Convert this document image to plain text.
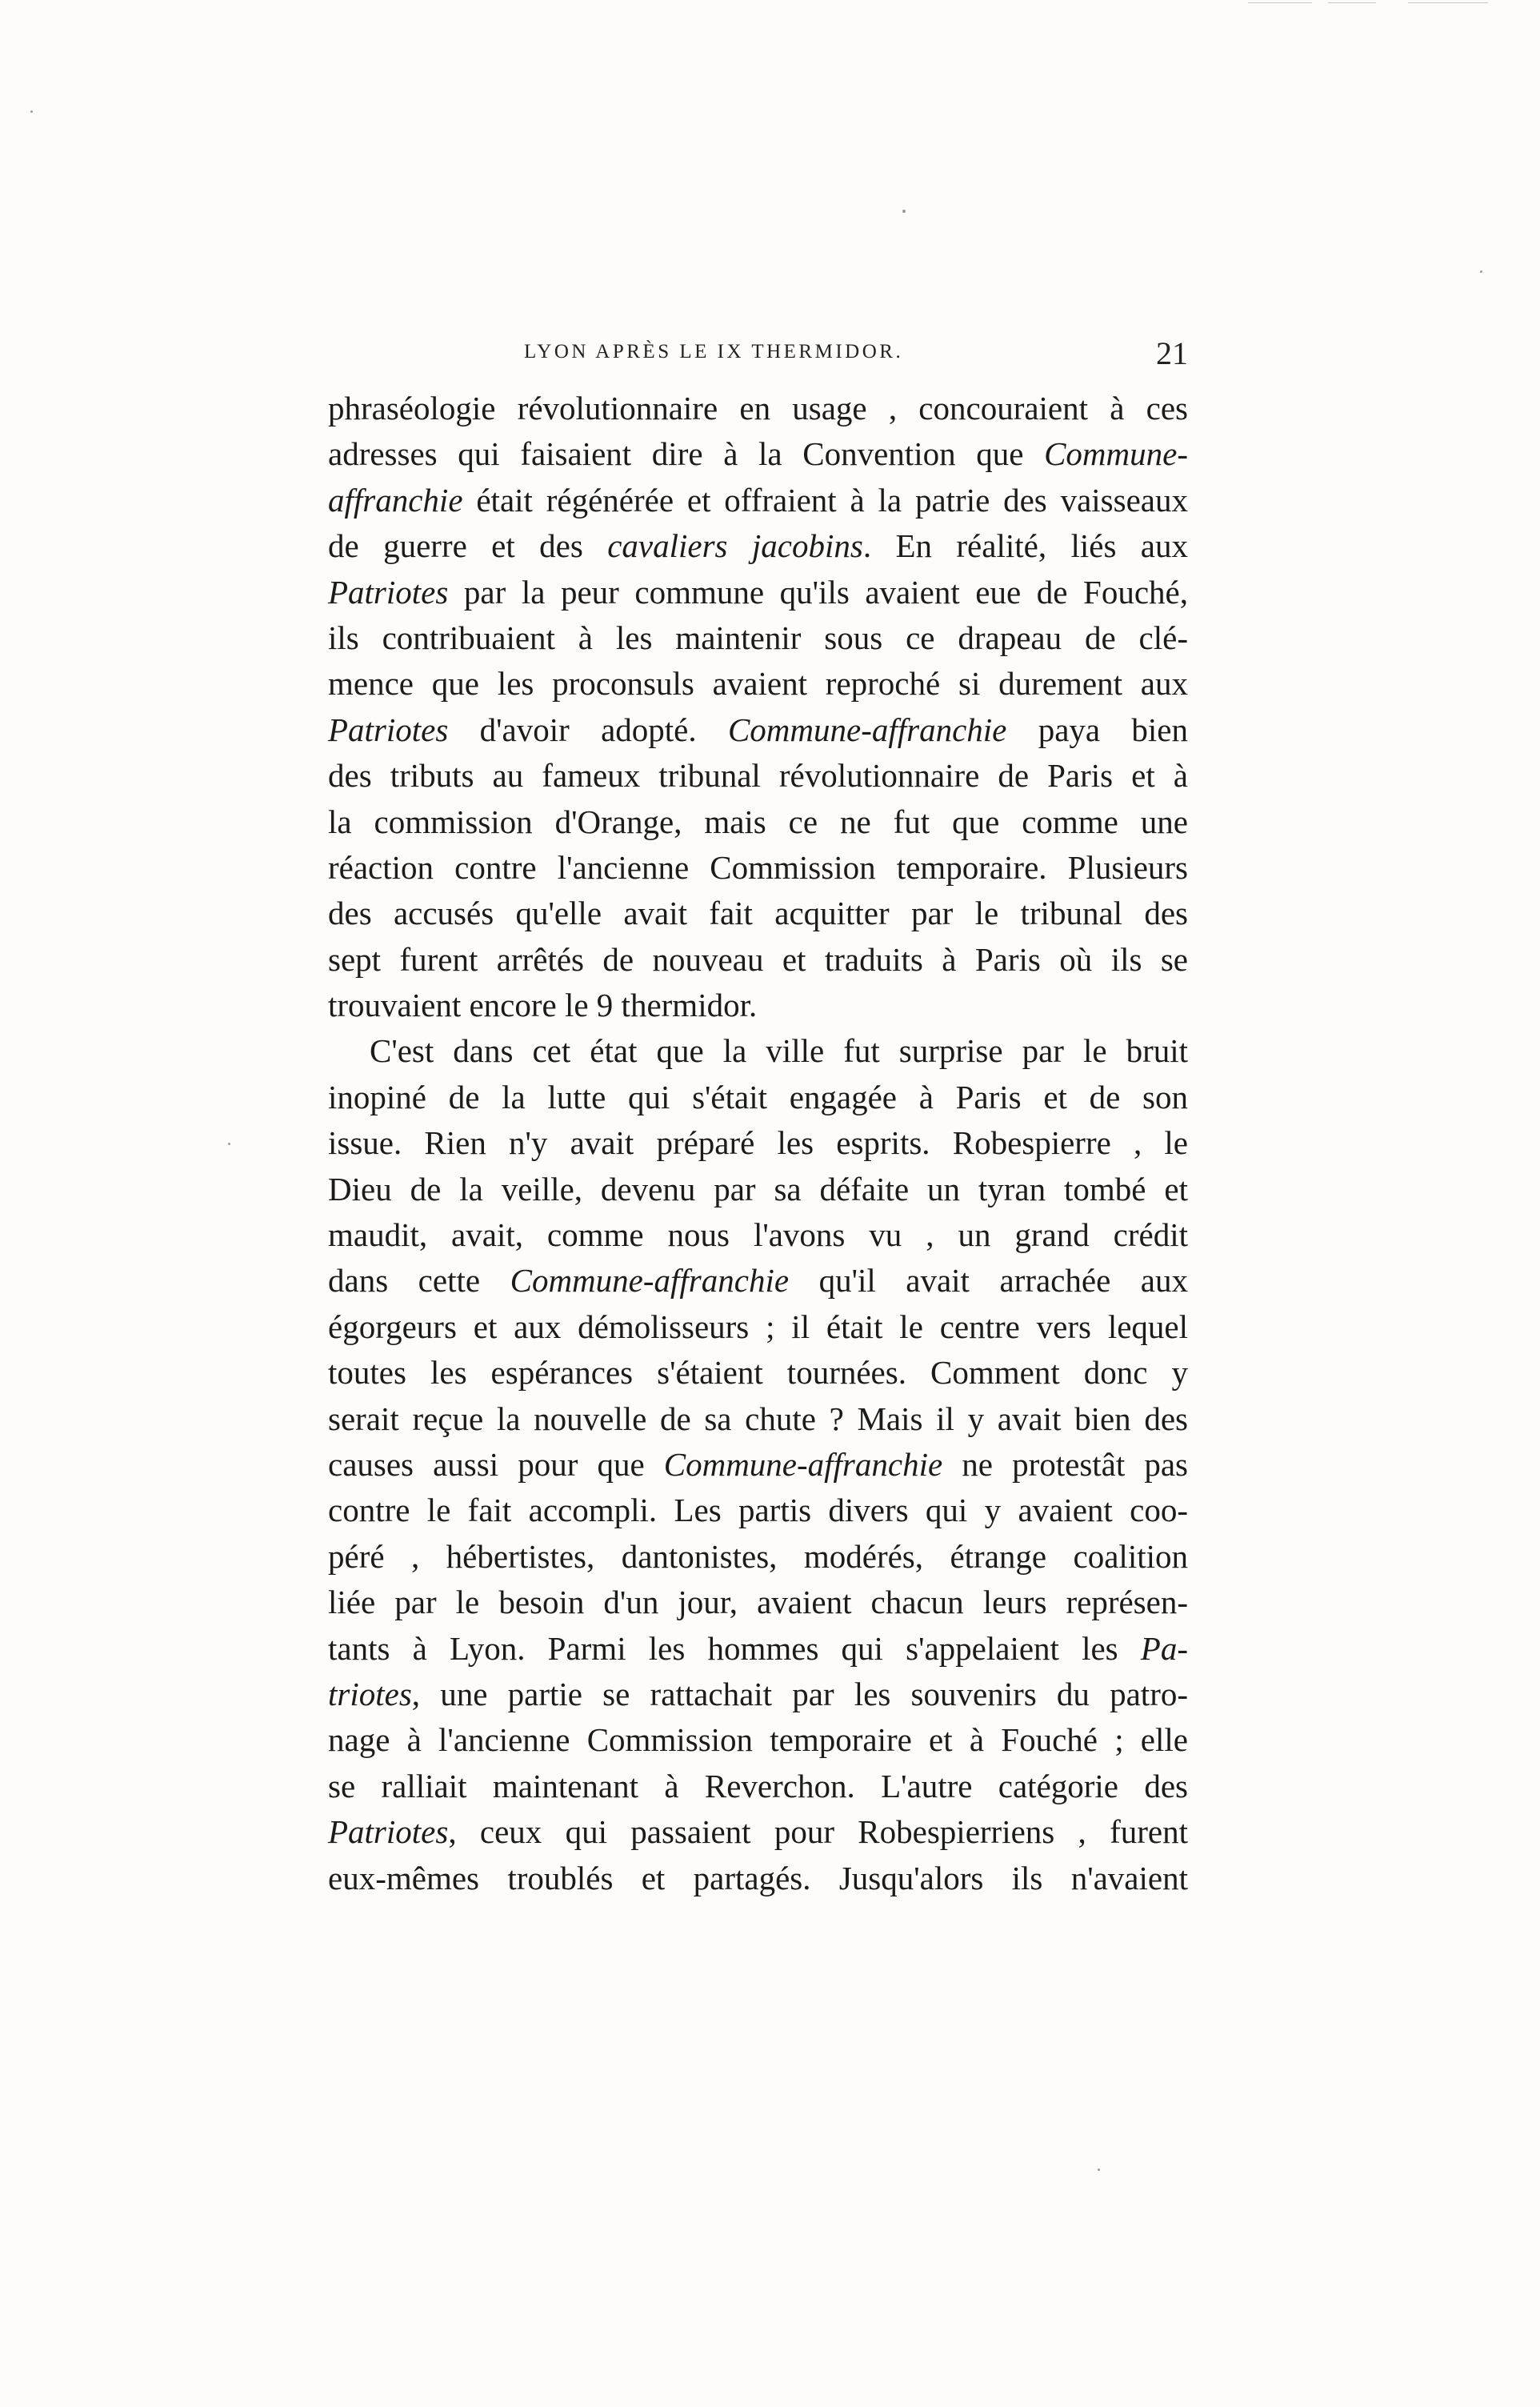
LYON APRÈS LE IX THERMIDOR.	21
phraséologie révolutionnaire en usage , concouraient à ces
adresses qui faisaient dire à la Convention que Commune-
affranchie était régénérée et offraient à la patrie des vaisseaux
de guerre et des cavaliers jacobins. En réalité, liés aux
Patriotes par la peur commune qu'ils avaient eue de Fouché,
ils contribuaient à les maintenir sous ce drapeau de clé-
mence que les proconsuls avaient reproché si durement aux
Patriotes d'avoir adopté. Commune-affranchie paya bien
des tributs au fameux tribunal révolutionnaire de Paris et à
la commission d'Orange, mais ce ne fut que comme une
réaction contre l'ancienne Commission temporaire. Plusieurs
des accusés qu'elle avait fait acquitter par le tribunal des
sept furent arrêtés de nouveau et traduits à Paris où ils se
trouvaient encore le 9 thermidor.
C'est dans cet état que la ville fut surprise par le bruit
inopiné de la lutte qui s'était engagée à Paris et de son
issue. Rien n'y avait préparé les esprits. Robespierre , le
Dieu de la veille, devenu par sa défaite un tyran tombé et
maudit, avait, comme nous l'avons vu , un grand crédit
dans cette Commune-affranchie qu'il avait arrachée aux
égorgeurs et aux démolisseurs ; il était le centre vers lequel
toutes les espérances s'étaient tournées. Comment donc y
serait reçue la nouvelle de sa chute ? Mais il y avait bien des
causes aussi pour que Commune-affranchie ne protestât pas
contre le fait accompli. Les partis divers qui y avaient coo-
péré , hébertistes, dantonistes, modérés, étrange coalition
liée par le besoin d'un jour, avaient chacun leurs représen-
tants à Lyon. Parmi les hommes qui s'appelaient les Pa-
triotes, une partie se rattachait par les souvenirs du patro-
nage à l'ancienne Commission temporaire et à Fouché ; elle
se ralliait maintenant à Reverchon. L'autre catégorie des
Patriotes, ceux qui passaient pour Robespierriens , furent
eux-mêmes troublés et partagés. Jusqu'alors ils n'avaient
